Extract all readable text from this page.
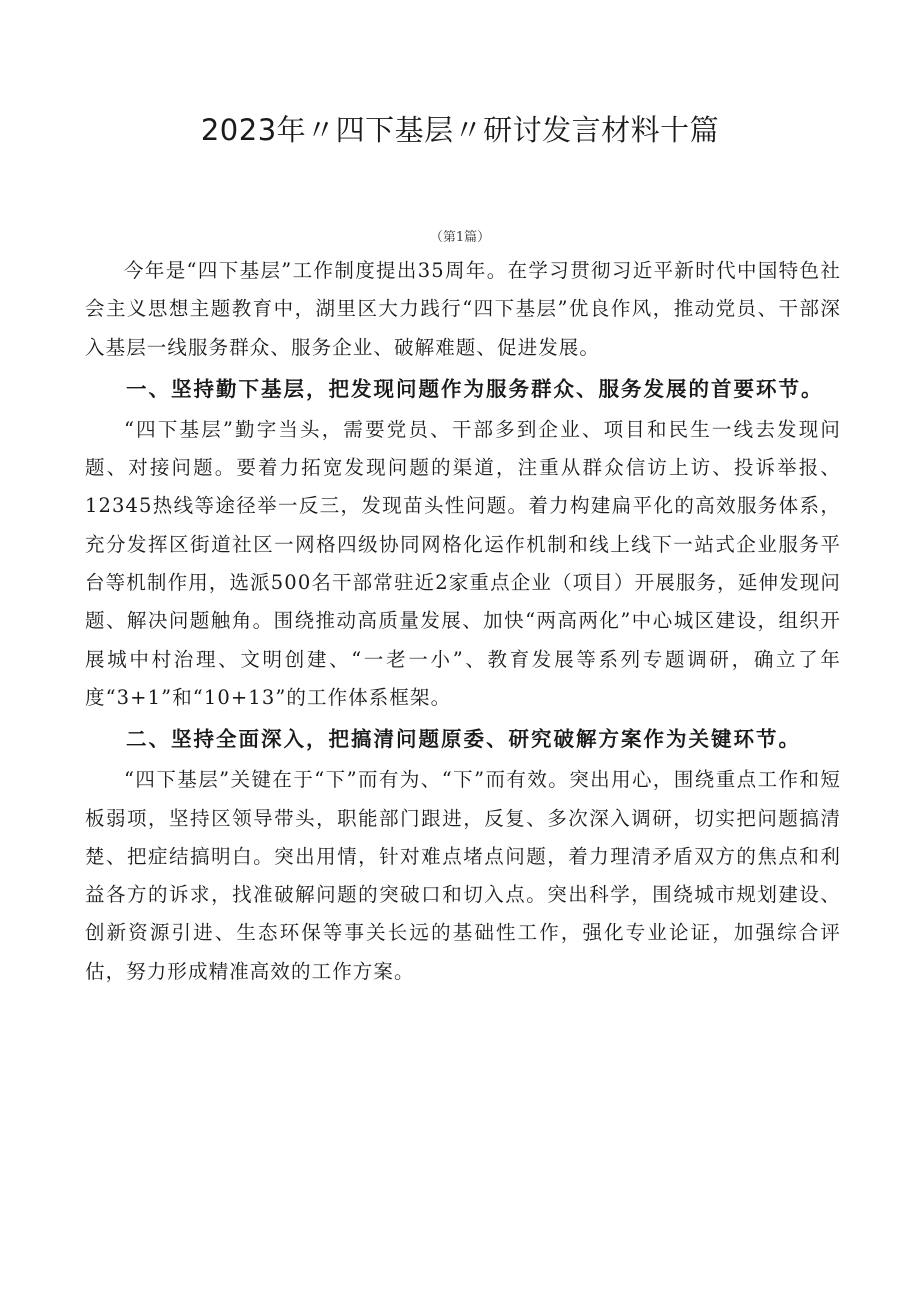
2023年〃四下基层〃研讨发言材料十篇
（第1篇）

今年是“四下基层”工作制度提出35周年。在学习贯彻习近平新时代中国特色社会主义思想主题教育中，湖里区大力践行“四下基层”优良作风，推动党员、干部深入基层一线服务群众、服务企业、破解难题、促进发展。

一、坚持勤下基层，把发现问题作为服务群众、服务发展的首要环节。

“四下基层”勤字当头，需要党员、干部多到企业、项目和民生一线去发现问题、对接问题。要着力拓宽发现问题的渠道，注重从群众信访上访、投诉举报、12345热线等途径举一反三，发现苗头性问题。着力构建扁平化的高效服务体系，充分发挥区街道社区一网格四级协同网格化运作机制和线上线下一站式企业服务平台等机制作用，选派500名干部常驻近2家重点企业（项目）开展服务，延伸发现问题、解决问题触角。围绕推动高质量发展、加快“两高两化”中心城区建设，组织开展城中村治理、文明创建、“一老一小”、教育发展等系列专题调研，确立了年度“3+1”和“10+13”的工作体系框架。

二、坚持全面深入，把搞清问题原委、研究破解方案作为关键环节。

“四下基层”关键在于“下”而有为、“下”而有效。突出用心，围绕重点工作和短板弱项，坚持区领导带头，职能部门跟进，反复、多次深入调研，切实把问题搞清楚、把症结搞明白。突出用情，针对难点堵点问题，着力理清矛盾双方的焦点和利益各方的诉求，找准破解问题的突破口和切入点。突出科学，围绕城市规划建设、创新资源引进、生态环保等事关长远的基础性工作，强化专业论证，加强综合评估，努力形成精准高效的工作方案。
